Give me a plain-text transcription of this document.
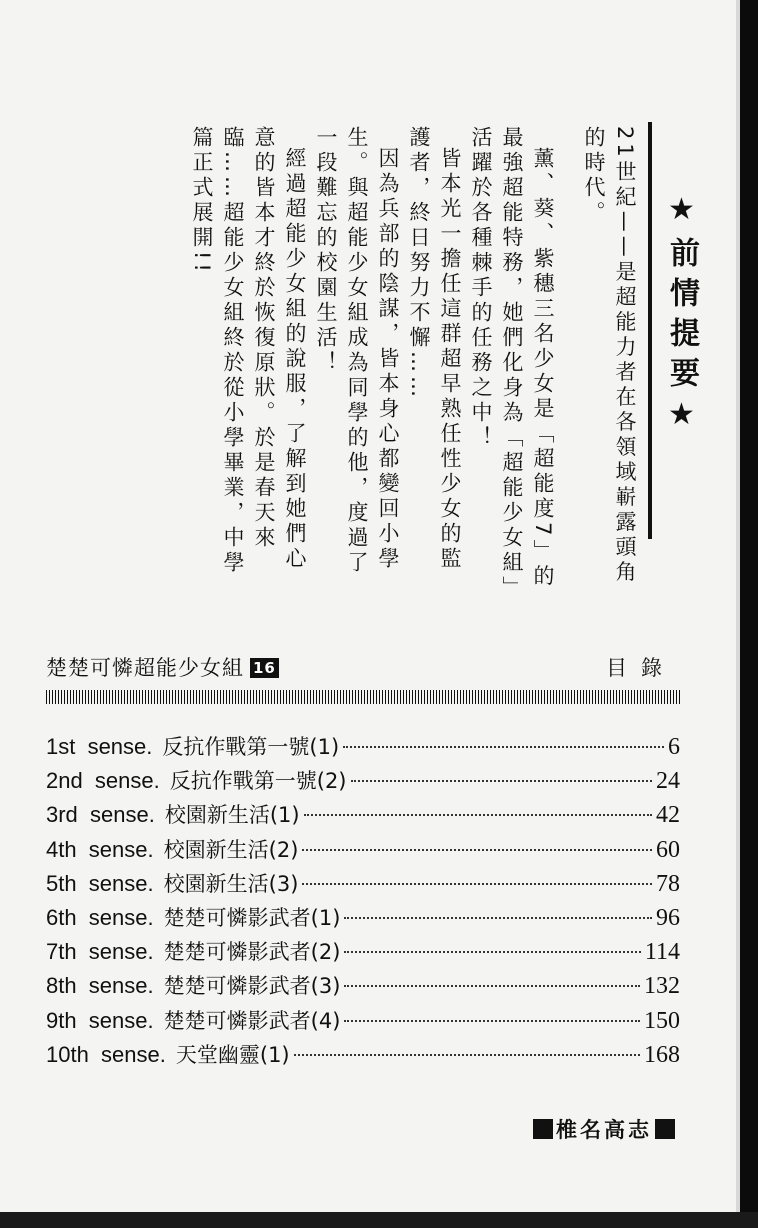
★前情提要★

21世紀——是超能力者在各領域嶄露頭角的時代。

薰、葵、紫穗三名少女是「超能度7」的最強超能特務，她們化身為「超能少女組」活躍於各種棘手的任務之中！

皆本光一擔任這群超早熟任性少女的監護者，終日努力不懈……

因為兵部的陰謀，皆本身心都變回小學生。與超能少女組成為同學的他，度過了一段難忘的校園生活！

經過超能少女組的說服，了解到她們心意的皆本才終於恢復原狀。於是春天來臨……超能少女組終於從小學畢業，中學篇正式展開!!

楚楚可憐超能少女組 16	目錄
1st  sense. 反抗作戰第一號(1)	6
2nd  sense. 反抗作戰第一號(2)	24
3rd  sense. 校園新生活(1)	42
4th  sense. 校園新生活(2)	60
5th  sense. 校園新生活(3)	78
6th  sense. 楚楚可憐影武者(1)	96
7th  sense. 楚楚可憐影武者(2)	114
8th  sense. 楚楚可憐影武者(3)	132
9th  sense. 楚楚可憐影武者(4)	150
10th  sense. 天堂幽靈(1)	168
椎名高志
